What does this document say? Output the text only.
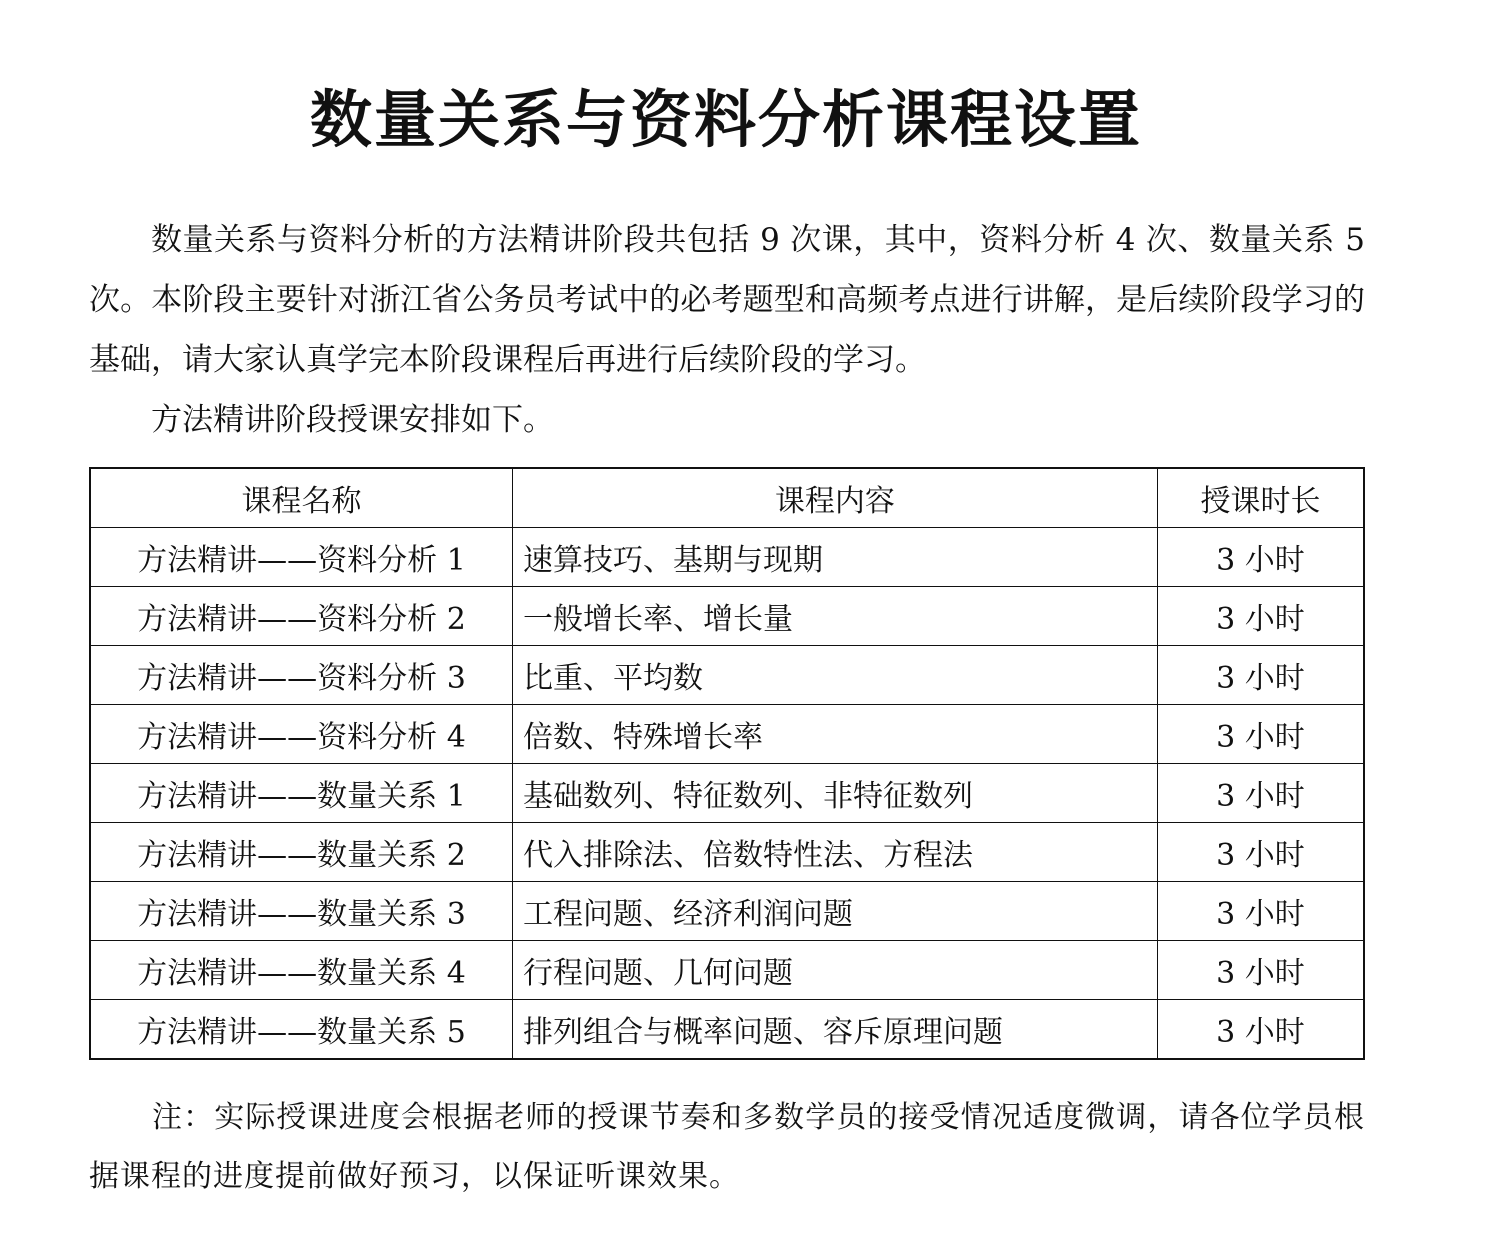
数量关系与资料分析课程设置

数量关系与资料分析的方法精讲阶段共包括 9 次课，其中，资料分析 4 次、数量关系 5 次。本阶段主要针对浙江省公务员考试中的必考题型和高频考点进行讲解，是后续阶段学习的基础，请大家认真学完本阶段课程后再进行后续阶段的学习。

方法精讲阶段授课安排如下。

课程名称	课程内容	授课时长
方法精讲——资料分析 1	速算技巧、基期与现期	3 小时
方法精讲——资料分析 2	一般增长率、增长量	3 小时
方法精讲——资料分析 3	比重、平均数	3 小时
方法精讲——资料分析 4	倍数、特殊增长率	3 小时
方法精讲——数量关系 1	基础数列、特征数列、非特征数列	3 小时
方法精讲——数量关系 2	代入排除法、倍数特性法、方程法	3 小时
方法精讲——数量关系 3	工程问题、经济利润问题	3 小时
方法精讲——数量关系 4	行程问题、几何问题	3 小时
方法精讲——数量关系 5	排列组合与概率问题、容斥原理问题	3 小时

注：实际授课进度会根据老师的授课节奏和多数学员的接受情况适度微调，请各位学员根据课程的进度提前做好预习，以保证听课效果。
